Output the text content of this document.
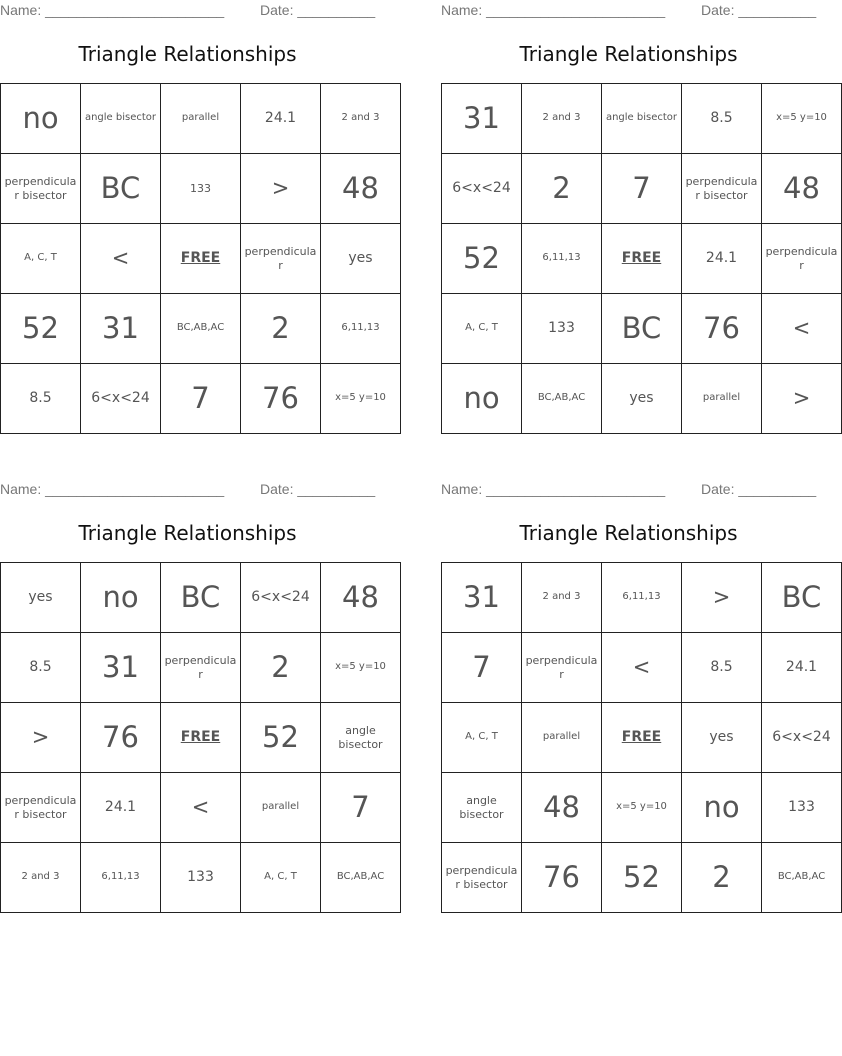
Name: _______________________	Date: __________
Triangle Relationships
no	angle bisector	parallel	24.1	2 and 3
perpendicular bisector	BC	133	>	48
A, C, T	<	FREE	perpendicular	yes
52	31	BC,AB,AC	2	6,11,13
8.5	6<x<24	7	76	x=5 y=10
Name: _______________________	Date: __________
Triangle Relationships
31	2 and 3	angle bisector	8.5	x=5 y=10
6<x<24	2	7	perpendicular bisector	48
52	6,11,13	FREE	24.1	perpendicular
A, C, T	133	BC	76	<
no	BC,AB,AC	yes	parallel	>
Name: _______________________	Date: __________
Triangle Relationships
yes	no	BC	6<x<24	48
8.5	31	perpendicular	2	x=5 y=10
>	76	FREE	52	angle bisector
perpendicular bisector	24.1	<	parallel	7
2 and 3	6,11,13	133	A, C, T	BC,AB,AC
Name: _______________________	Date: __________
Triangle Relationships
31	2 and 3	6,11,13	>	BC
7	perpendicular	<	8.5	24.1
A, C, T	parallel	FREE	yes	6<x<24
angle bisector	48	x=5 y=10	no	133
perpendicular bisector	76	52	2	BC,AB,AC
